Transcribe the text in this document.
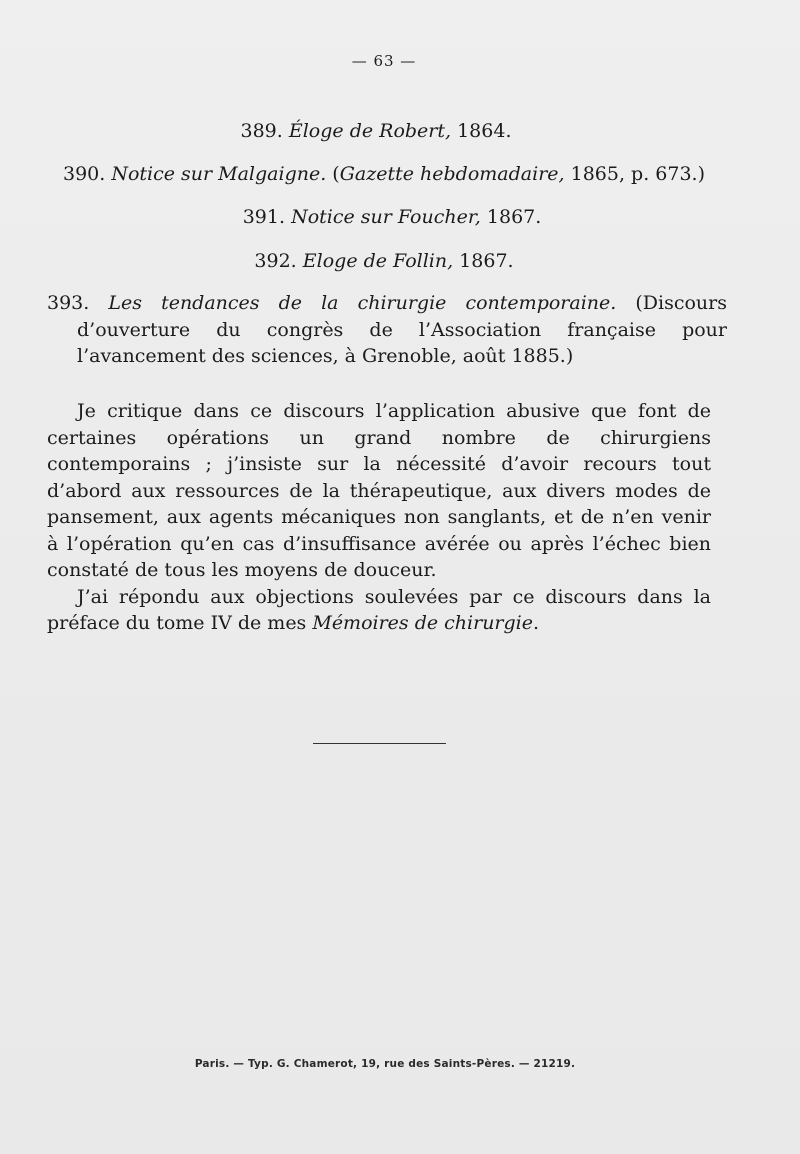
— 63 —
389. Éloge de Robert, 1864.
390. Notice sur Malgaigne. (Gazette hebdomadaire, 1865, p. 673.)
391. Notice sur Foucher, 1867.
392. Eloge de Follin, 1867.
393. Les tendances de la chirurgie contemporaine. (Discours d’ouverture du congrès de l’Association française pour l’avancement des sciences, à Grenoble, août 1885.)

Je critique dans ce discours l’application abusive que font de certaines opérations un grand nombre de chirurgiens contemporains ; j’insiste sur la nécessité d’avoir recours tout d’abord aux ressources de la thérapeutique, aux divers modes de pansement, aux agents mécaniques non sanglants, et de n’en venir à l’opération qu’en cas d’insuffisance avérée ou après l’échec bien constaté de tous les moyens de douceur.

J’ai répondu aux objections soulevées par ce discours dans la préface du tome IV de mes Mémoires de chirurgie.

Paris. — Typ. G. Chamerot, 19, rue des Saints-Pères. — 21219.
